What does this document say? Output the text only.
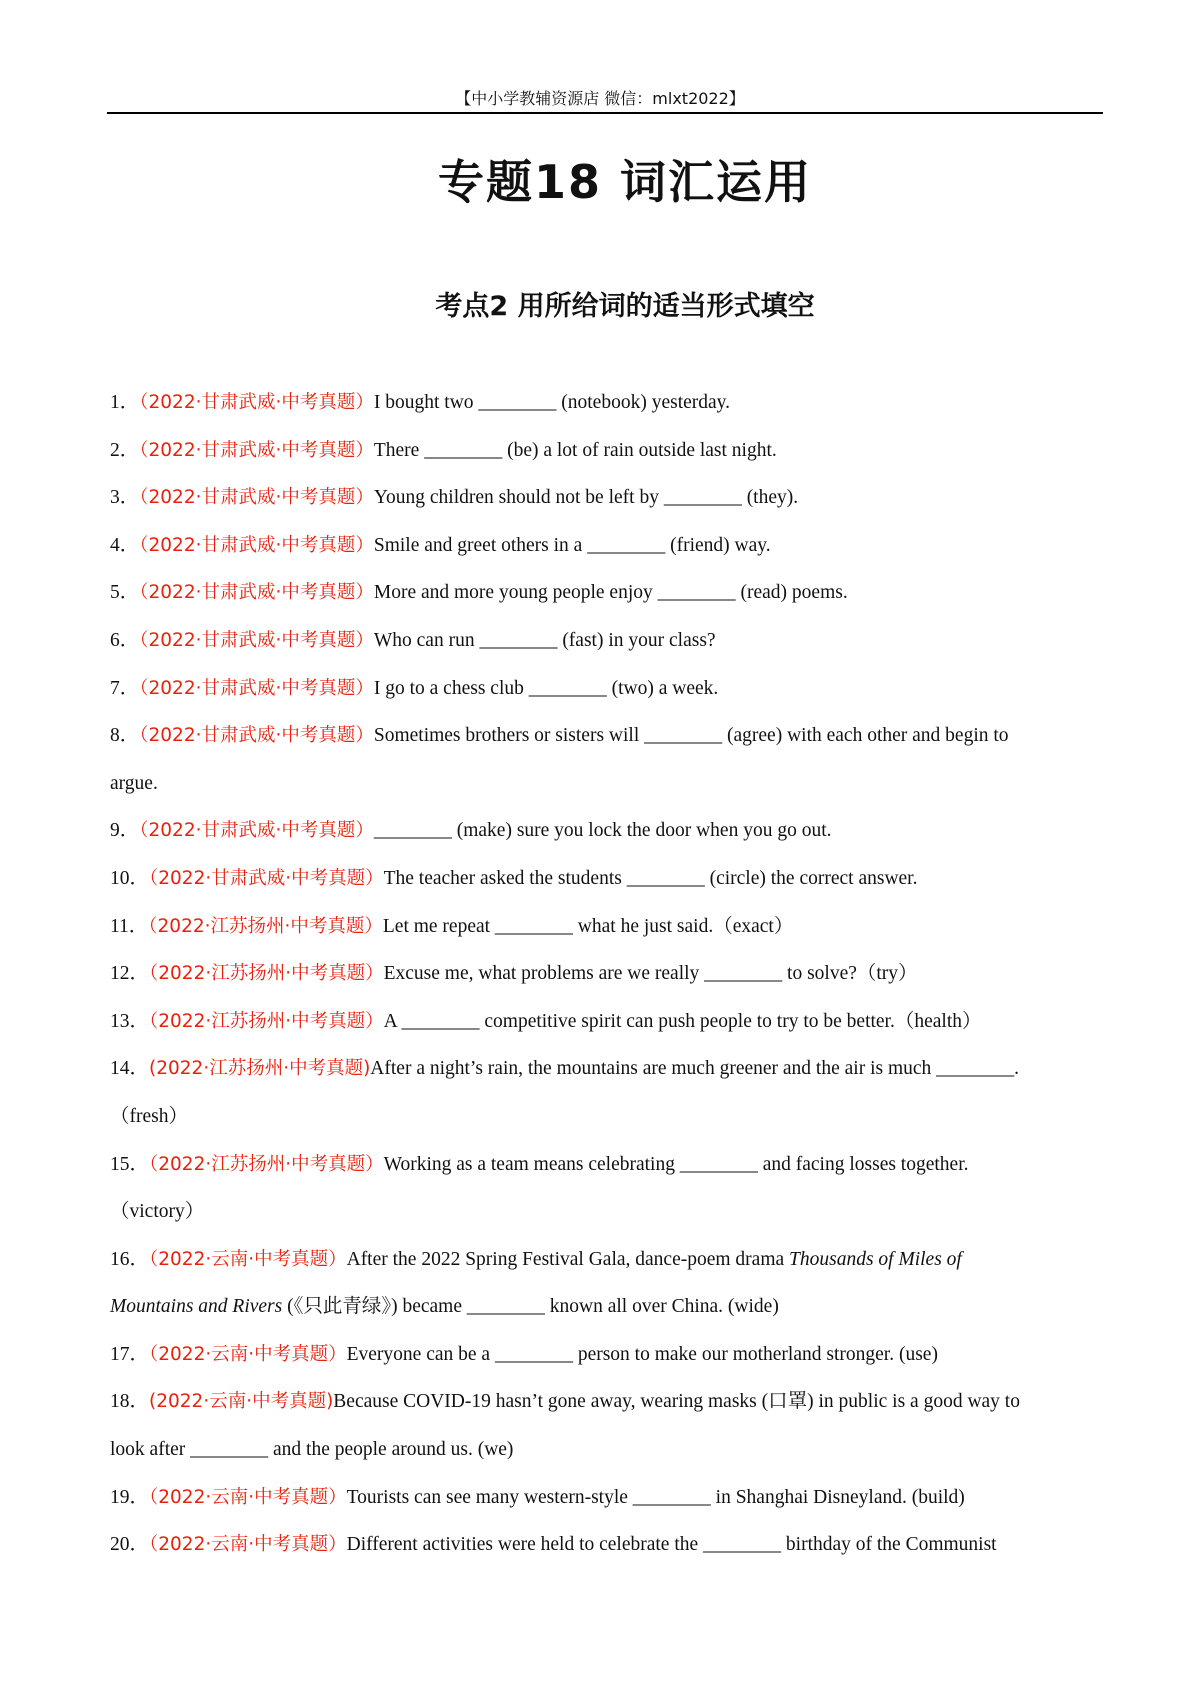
【中小学教辅资源店 微信：mlxt2022】
专题18 词汇运用
考点2 用所给词的适当形式填空
1．（2022·甘肃武威·中考真题）I bought two ________ (notebook) yesterday.
2．（2022·甘肃武威·中考真题）There ________ (be) a lot of rain outside last night.
3．（2022·甘肃武威·中考真题）Young children should not be left by ________ (they).
4．（2022·甘肃武威·中考真题）Smile and greet others in a ________ (friend) way.
5．（2022·甘肃武威·中考真题）More and more young people enjoy ________ (read) poems.
6．（2022·甘肃武威·中考真题）Who can run ________ (fast) in your class?
7．（2022·甘肃武威·中考真题）I go to a chess club ________ (two) a week.
8．（2022·甘肃武威·中考真题）Sometimes brothers or sisters will ________ (agree) with each other and begin to
argue.
9．（2022·甘肃武威·中考真题）________ (make) sure you lock the door when you go out.
10．（2022·甘肃武威·中考真题）The teacher asked the students ________ (circle) the correct answer.
11．（2022·江苏扬州·中考真题）Let me repeat ________ what he just said.（exact）
12．（2022·江苏扬州·中考真题）Excuse me, what problems are we really ________ to solve?（try）
13．（2022·江苏扬州·中考真题）A ________ competitive spirit can push people to try to be better.（health）
14．(2022·江苏扬州·中考真题)After a night’s rain, the mountains are much greener and the air is much ________.
（fresh）
15．（2022·江苏扬州·中考真题）Working as a team means celebrating ________ and facing losses together.
（victory）
16．（2022·云南·中考真题）After the 2022 Spring Festival Gala, dance-poem drama Thousands of Miles of
Mountains and Rivers (《只此青绿》) became ________ known all over China. (wide)
17．（2022·云南·中考真题）Everyone can be a ________ person to make our motherland stronger. (use)
18．(2022·云南·中考真题)Because COVID-19 hasn’t gone away, wearing masks (口罩) in public is a good way to
look after ________ and the people around us. (we)
19．（2022·云南·中考真题）Tourists can see many western-style ________ in Shanghai Disneyland. (build)
20．（2022·云南·中考真题）Different activities were held to celebrate the ________ birthday of the Communist
